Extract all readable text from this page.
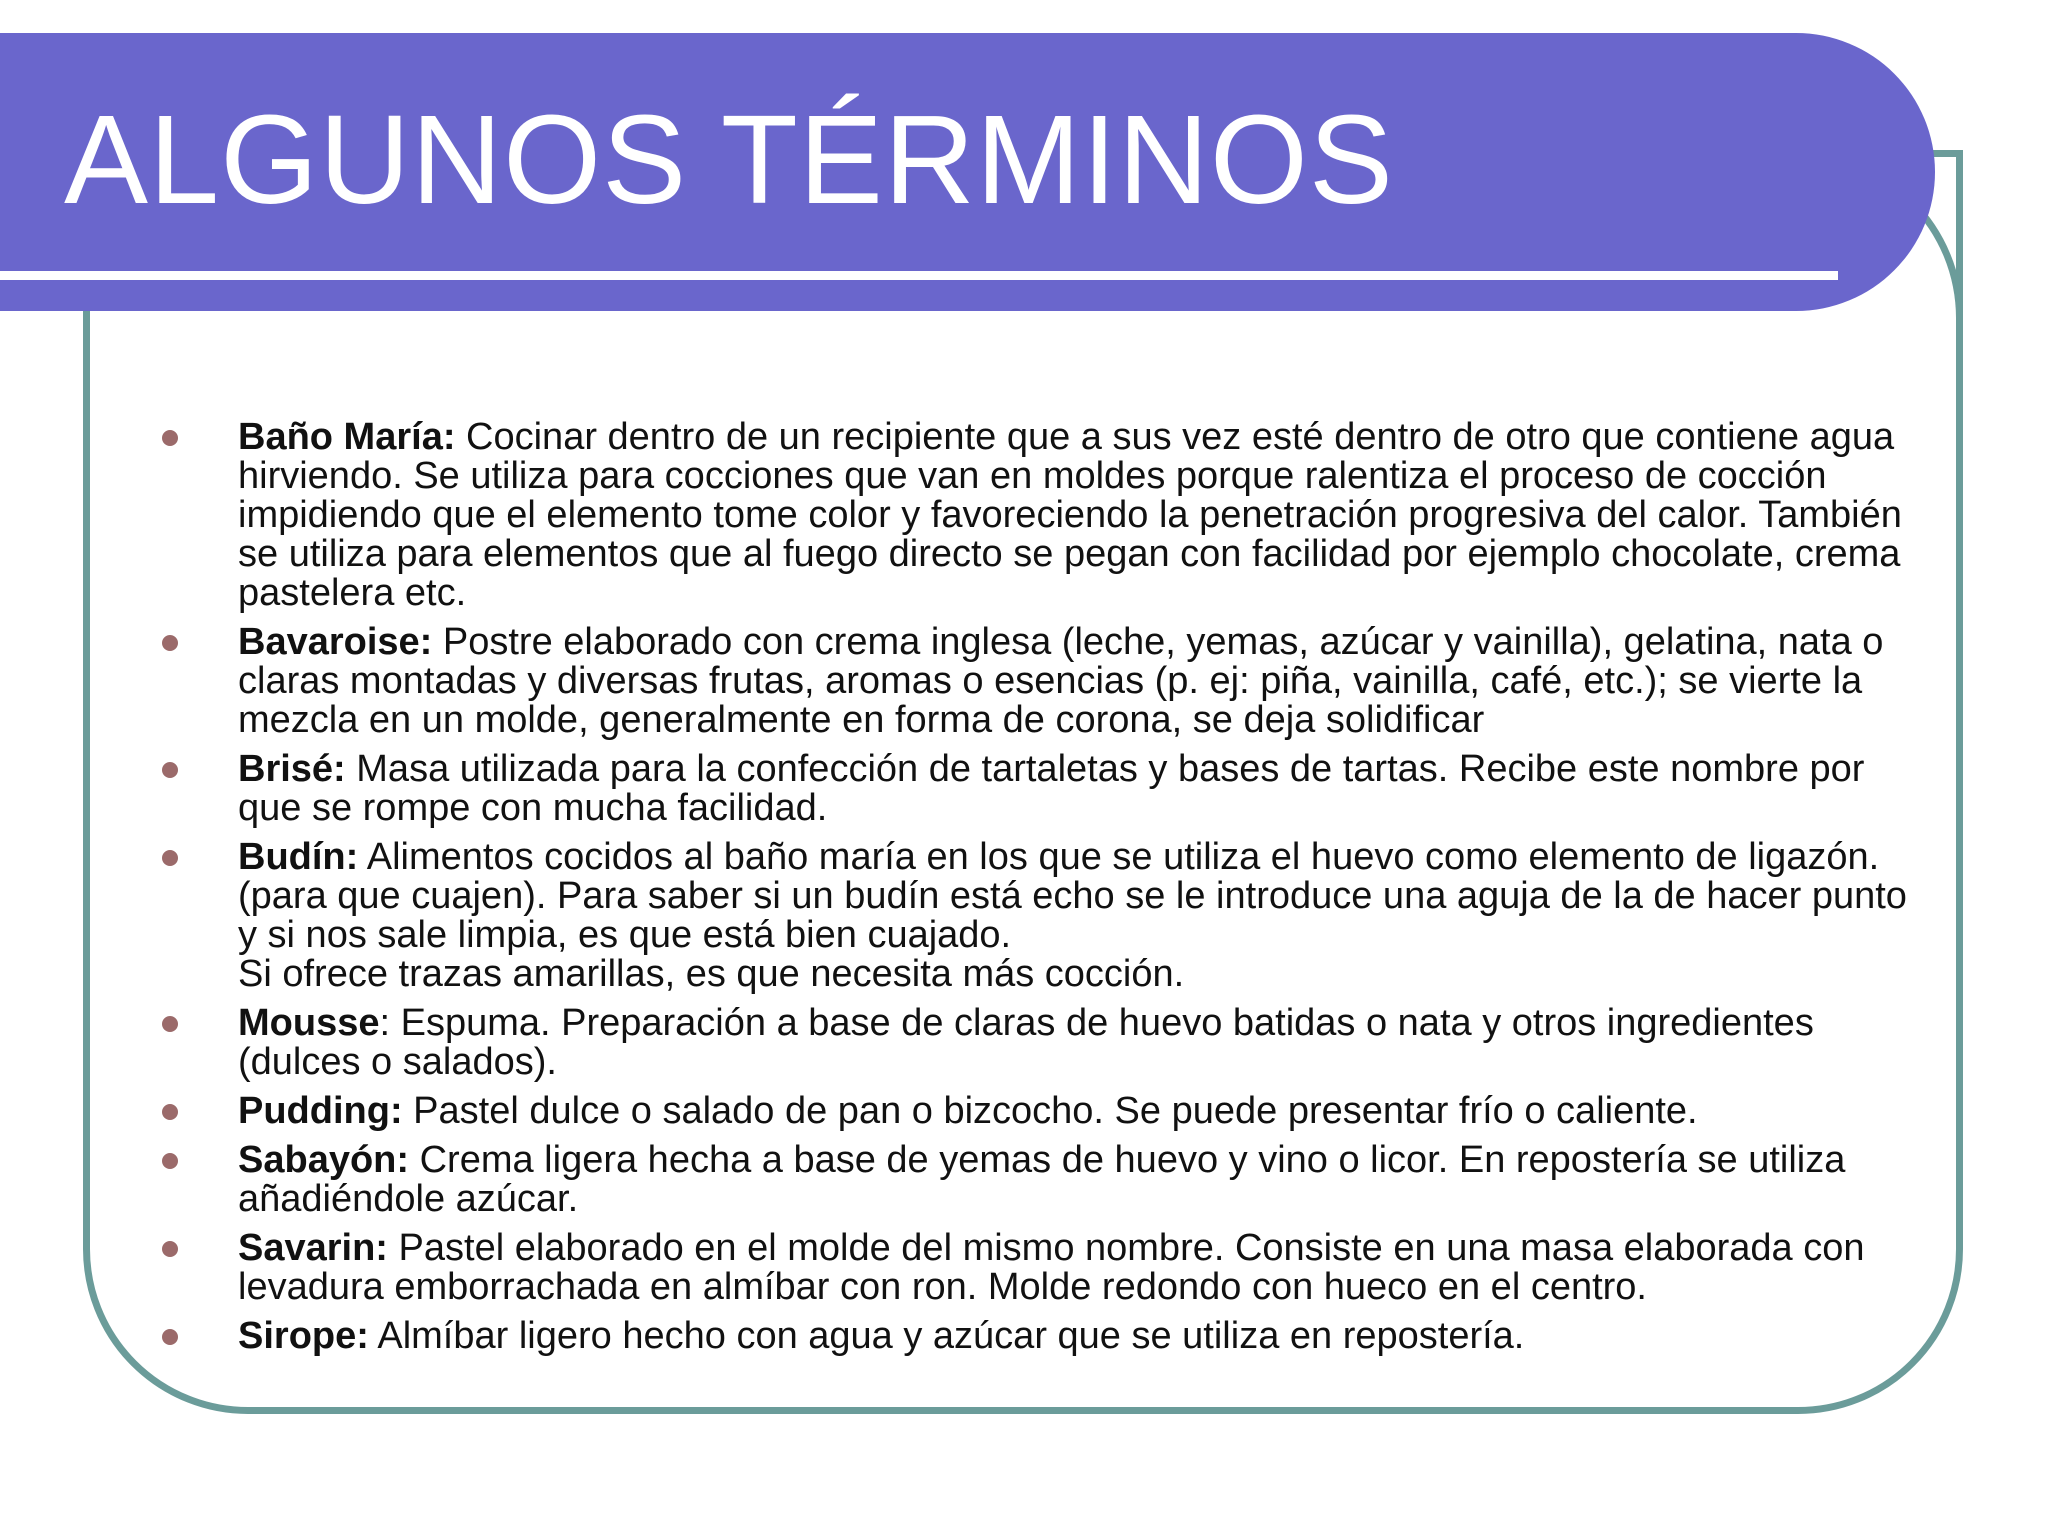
ALGUNOS TÉRMINOS
Baño María: Cocinar dentro de un recipiente que a sus vez esté dentro de otro que contiene agua hirviendo. Se utiliza para cocciones que van en moldes porque ralentiza el proceso de cocción impidiendo que el elemento tome color y favoreciendo la penetración progresiva del calor. También se utiliza para elementos que al fuego directo se pegan con facilidad por ejemplo chocolate, crema pastelera etc.
Bavaroise: Postre elaborado con crema inglesa (leche, yemas, azúcar y vainilla), gelatina, nata o claras montadas y diversas frutas, aromas o esencias (p. ej: piña, vainilla, café, etc.); se vierte la mezcla en un molde, generalmente en forma de corona, se deja solidificar
Brisé: Masa utilizada para la confección de tartaletas y bases de tartas. Recibe este nombre por que se rompe con mucha facilidad.
Budín: Alimentos cocidos al baño maría en los que se utiliza el huevo como elemento de ligazón. (para que cuajen). Para saber si un budín está echo se le introduce una aguja de la de hacer punto y si nos sale limpia, es que está bien cuajado.
Si ofrece trazas amarillas, es que necesita más cocción.
Mousse: Espuma. Preparación a base de claras de huevo batidas o nata y otros ingredientes (dulces o salados).
Pudding: Pastel dulce o salado de pan o bizcocho. Se puede presentar frío o caliente.
Sabayón: Crema ligera hecha a base de yemas de huevo y vino o licor. En repostería se utiliza añadiéndole azúcar.
Savarin: Pastel elaborado en el molde del mismo nombre. Consiste en una masa elaborada con levadura emborrachada en almíbar con ron. Molde redondo con hueco en el centro.
Sirope: Almíbar ligero hecho con agua y azúcar que se utiliza en repostería.
